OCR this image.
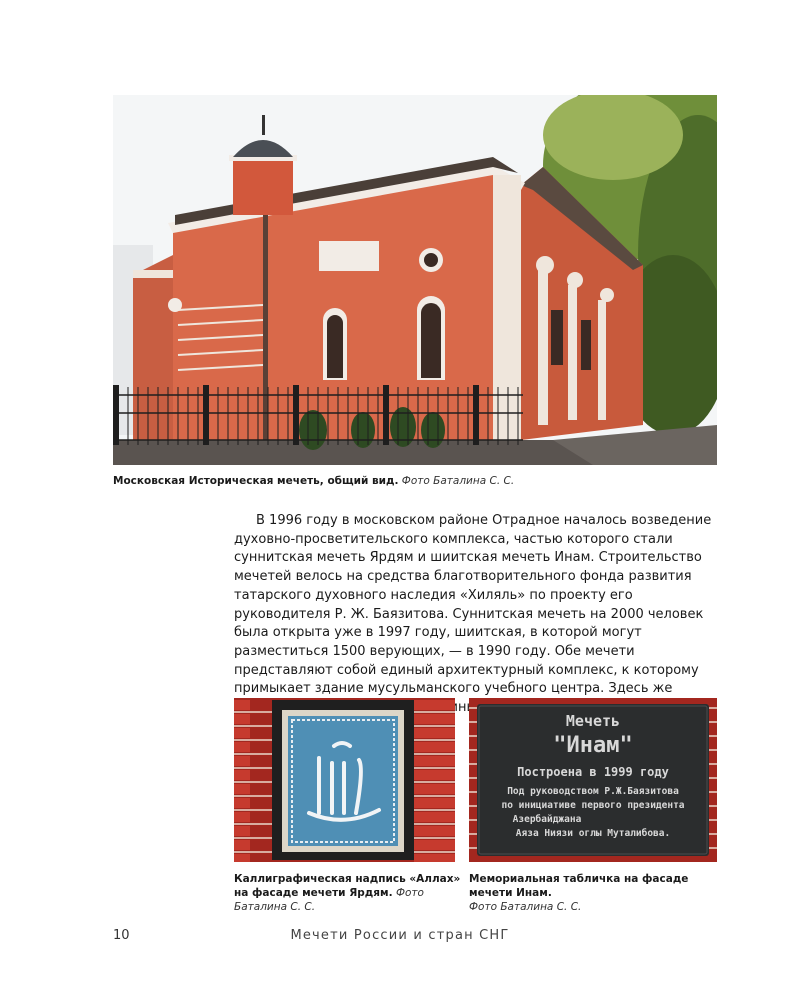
Московская Историческая мечеть, общий вид. Фото Баталина С. С.
В 1996 году в московском районе Отрадное началось возведение духовно-просветительского комплекса, частью которого стали суннитская мечеть Ярдям и шиитская мечеть Инам. Строительство мечетей велось на средства благотворительного фонда развития татарского духовного наследия «Хиляль» по проекту его руководителя Р. Ж. Баязитова. Суннитская мечеть на 2000 человек была открыта уже в 1997 году, шиитская, в которой могут разместиться 1500 верующих, — в 1990 году. Обе мечети представляют собой единый архитектурный комплекс, к которому примыкает здание мусульманского учебного центра. Здесь же
Каллиграфическая надпись «Аллах»
на фасаде мечети Ярдям. Фото Баталина С. С.
Мечеть
"Инам"
Построена в 1999 году
Под руководством Р.Ж.Баязитова
по инициативе первого президента
Азербайджана
Аяза Ниязи оглы Муталибова.
Мемориальная табличка на фасаде мечети Инам.
Фото Баталина С. С.
Мечети России и стран СНГ
10
